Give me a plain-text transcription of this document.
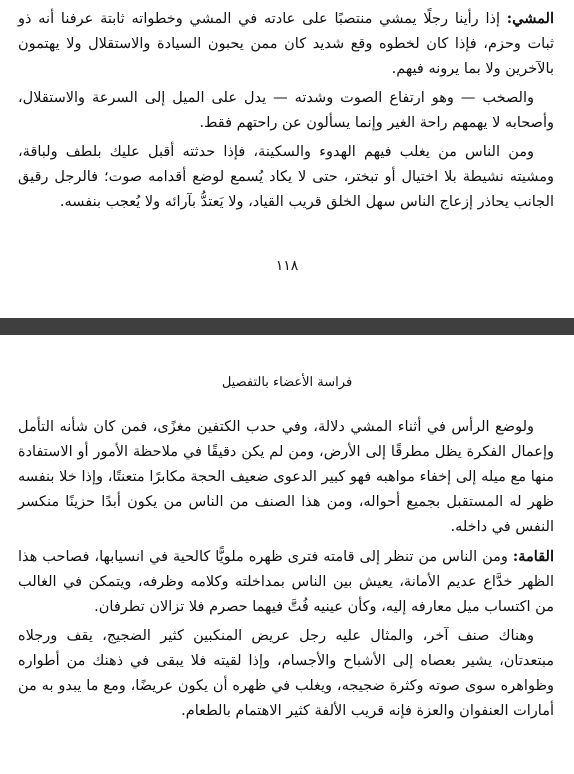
المشي: إذا رأينا رجلًا يمشي منتصبًا على عادته في المشي وخطواته ثابتة عرفنا أنه ذو ثبات وحزم، فإذا كان لخطوه وقع شديد كان ممن يحبون السيادة والاستقلال ولا يهتمون بالآخرين ولا بما يرونه فيهم.

والصخب — وهو ارتفاع الصوت وشدته — يدل على الميل إلى السرعة والاستقلال، وأصحابه لا يهمهم راحة الغير وإنما يسألون عن راحتهم فقط.

ومن الناس من يغلب فيهم الهدوء والسكينة، فإذا حدثته أقبل عليك بلطف ولباقة، ومشيته نشيطة بلا اختيال أو تبختر، حتى لا يكاد يُسمع لوضع أقدامه صوت؛ فالرجل رقيق الجانب يحاذر إزعاج الناس سهل الخلق قريب القياد، ولا يَعتدُّ بآرائه ولا يُعجب بنفسه.

١١٨
فراسة الأعضاء بالتفصيل

ولوضع الرأس في أثناء المشي دلالة، وفي حدب الكتفين مغزًى، فمن كان شأنه التأمل وإعمال الفكرة يظل مطرقًا إلى الأرض، ومن لم يكن دقيقًا في ملاحظة الأمور أو الاستفادة منها مع ميله إلى إخفاء مواهبه فهو كبير الدعوى ضعيف الحجة مكابرًا متعنتًا، وإذا خلا بنفسه ظهر له المستقبل بجميع أحواله، ومن هذا الصنف من الناس من يكون أبدًا حزينًا منكسر النفس في داخله.

القامة: ومن الناس من تنظر إلى قامته فترى ظهره ملويًّا كالحية في انسيابها، فصاحب هذا الظهر خدَّاع عديم الأمانة، يعيش بين الناس بمداخلته وكلامه وظرفه، ويتمكن في الغالب من اكتساب ميل معارفه إليه، وكأن عينيه فُتَّ فيهما حصرم فلا تزالان تطرفان.

وهناك صنف آخر، والمثال عليه رجل عريض المنكبين كثير الضجيج، يقف ورجلاه مبتعدتان، يشير بعصاه إلى الأشباح والأجسام، وإذا لقيته فلا يبقى في ذهنك من أطواره وظواهره سوى صوته وكثرة ضجيجه، ويغلب في ظهره أن يكون عريضًا، ومع ما يبدو به من أمارات العنفوان والعزة فإنه قريب الألفة كثير الاهتمام بالطعام.
